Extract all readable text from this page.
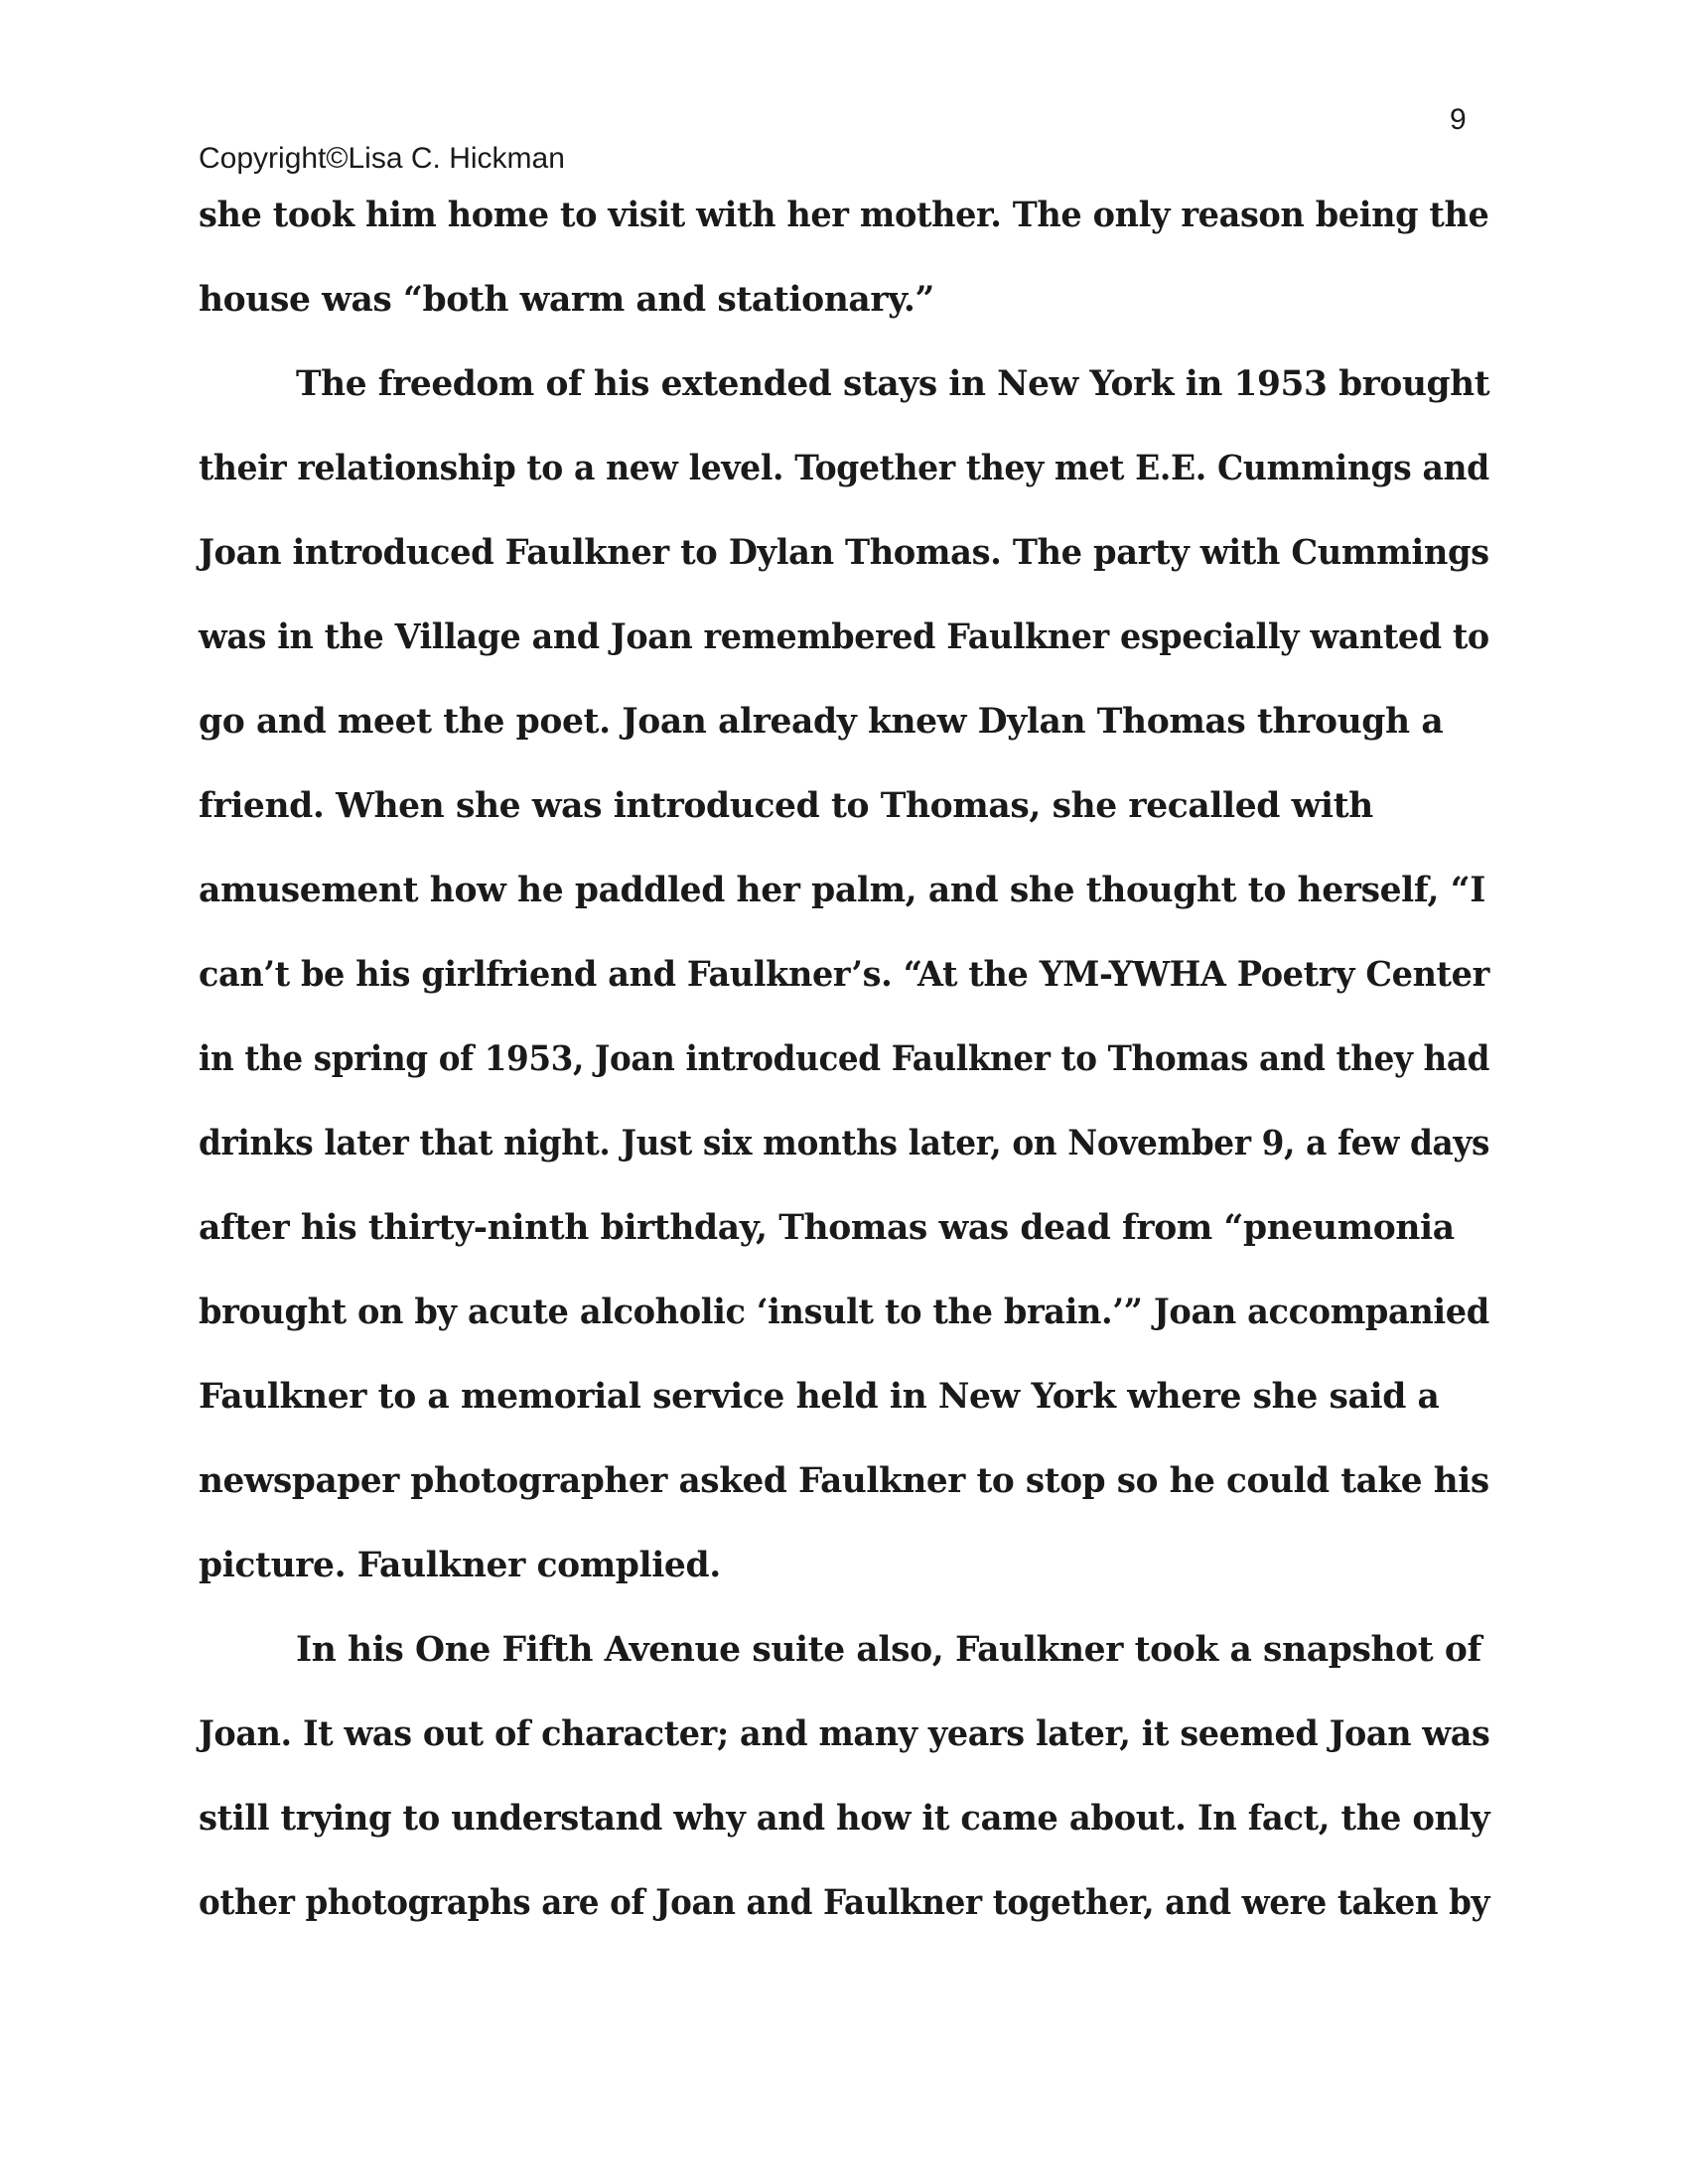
9
Copyright©Lisa C. Hickman
she took him home to visit with her mother. The only reason being the
house was “both warm and stationary.”
The freedom of his extended stays in New York in 1953 brought
their relationship to a new level. Together they met E.E. Cummings and
Joan introduced Faulkner to Dylan Thomas. The party with Cummings
was in the Village and Joan remembered Faulkner especially wanted to
go and meet the poet. Joan already knew Dylan Thomas through a
friend. When she was introduced to Thomas, she recalled with
amusement how he paddled her palm, and she thought to herself, “I
can’t be his girlfriend and Faulkner’s. “At the YM-YWHA Poetry Center
in the spring of 1953, Joan introduced Faulkner to Thomas and they had
drinks later that night. Just six months later, on November 9, a few days
after his thirty-ninth birthday, Thomas was dead from “pneumonia
brought on by acute alcoholic ‘insult to the brain.’” Joan accompanied
Faulkner to a memorial service held in New York where she said a
newspaper photographer asked Faulkner to stop so he could take his
picture. Faulkner complied.
In his One Fifth Avenue suite also, Faulkner took a snapshot of
Joan. It was out of character; and many years later, it seemed Joan was
still trying to understand why and how it came about. In fact, the only
other photographs are of Joan and Faulkner together, and were taken by
